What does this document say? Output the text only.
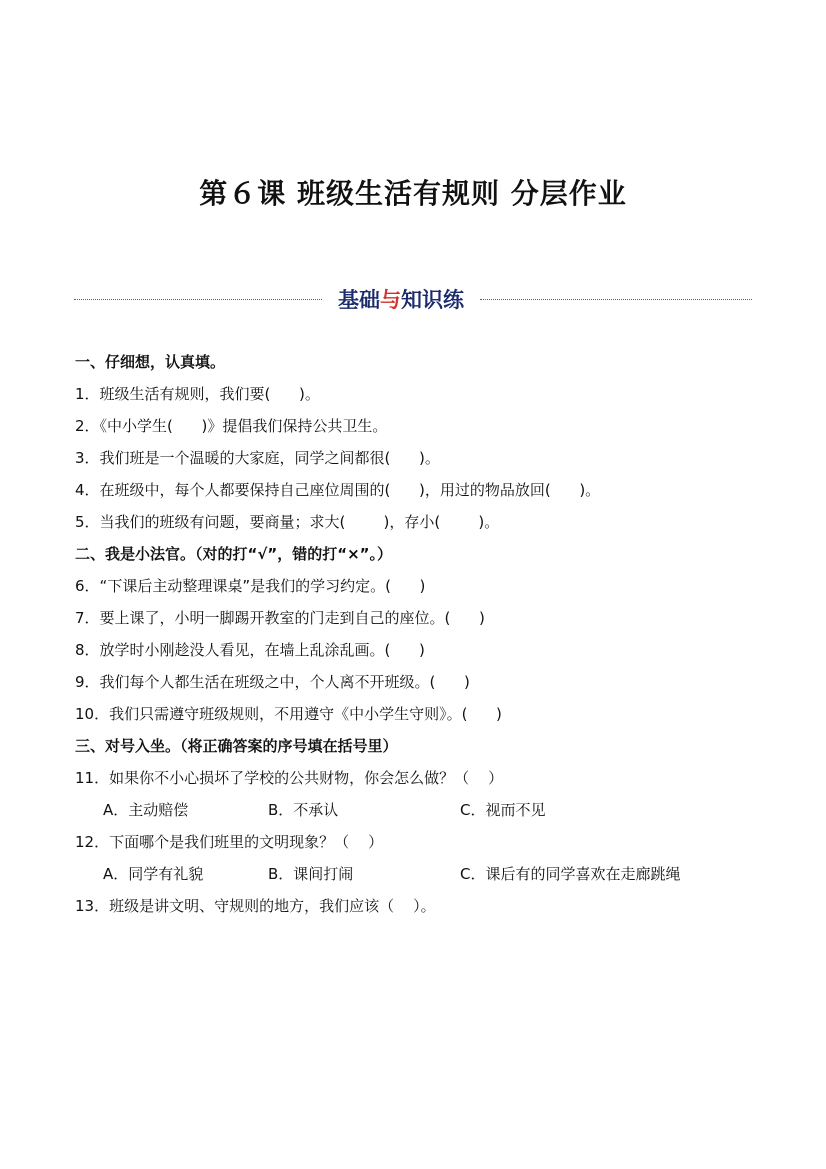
第６课 班级生活有规则 分层作业
基础与知识练
一、仔细想，认真填。
1．班级生活有规则，我们要(      )。
2．《中小学生(      )》提倡我们保持公共卫生。
3．我们班是一个温暖的大家庭，同学之间都很(      )。
4．在班级中，每个人都要保持自己座位周围的(      )，用过的物品放回(      )。
5．当我们的班级有问题，要商量；求大(        )，存小(        )。
二、我是小法官。（对的打“√”，错的打“×”。）
6．“下课后主动整理课桌”是我们的学习约定。(      )
7．要上课了，小明一脚踢开教室的门走到自己的座位。(      )
8．放学时小刚趁没人看见，在墙上乱涂乱画。(      )
9．我们每个人都生活在班级之中，个人离不开班级。(      )
10．我们只需遵守班级规则，不用遵守《中小学生守则》。(      )
三、对号入坐。（将正确答案的序号填在括号里）
11．如果你不小心损坏了学校的公共财物，你会怎么做？（    ）
A．主动赔偿	B．不承认	C．视而不见
12．下面哪个是我们班里的文明现象？（    ）
A．同学有礼貌	B．课间打闹	C．课后有的同学喜欢在走廊跳绳
13．班级是讲文明、守规则的地方，我们应该（    ）。
